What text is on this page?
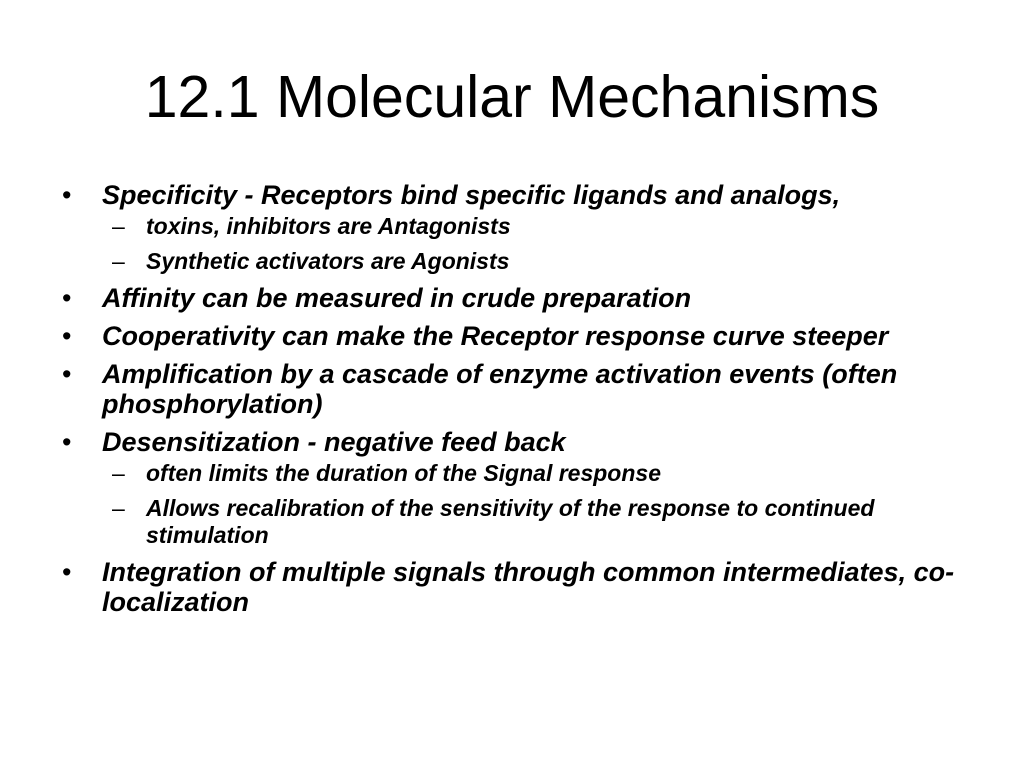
12.1 Molecular Mechanisms
• Specificity - Receptors bind specific ligands and analogs,
– toxins, inhibitors are Antagonists
– Synthetic activators are Agonists
• Affinity can be measured in crude preparation
• Cooperativity can make the Receptor response curve steeper
• Amplification by a cascade of enzyme activation events (often phosphorylation)
• Desensitization - negative feed back
– often limits the duration of the Signal response
– Allows recalibration of the sensitivity of the response to continued stimulation
• Integration of multiple signals through common intermediates, co-localization
